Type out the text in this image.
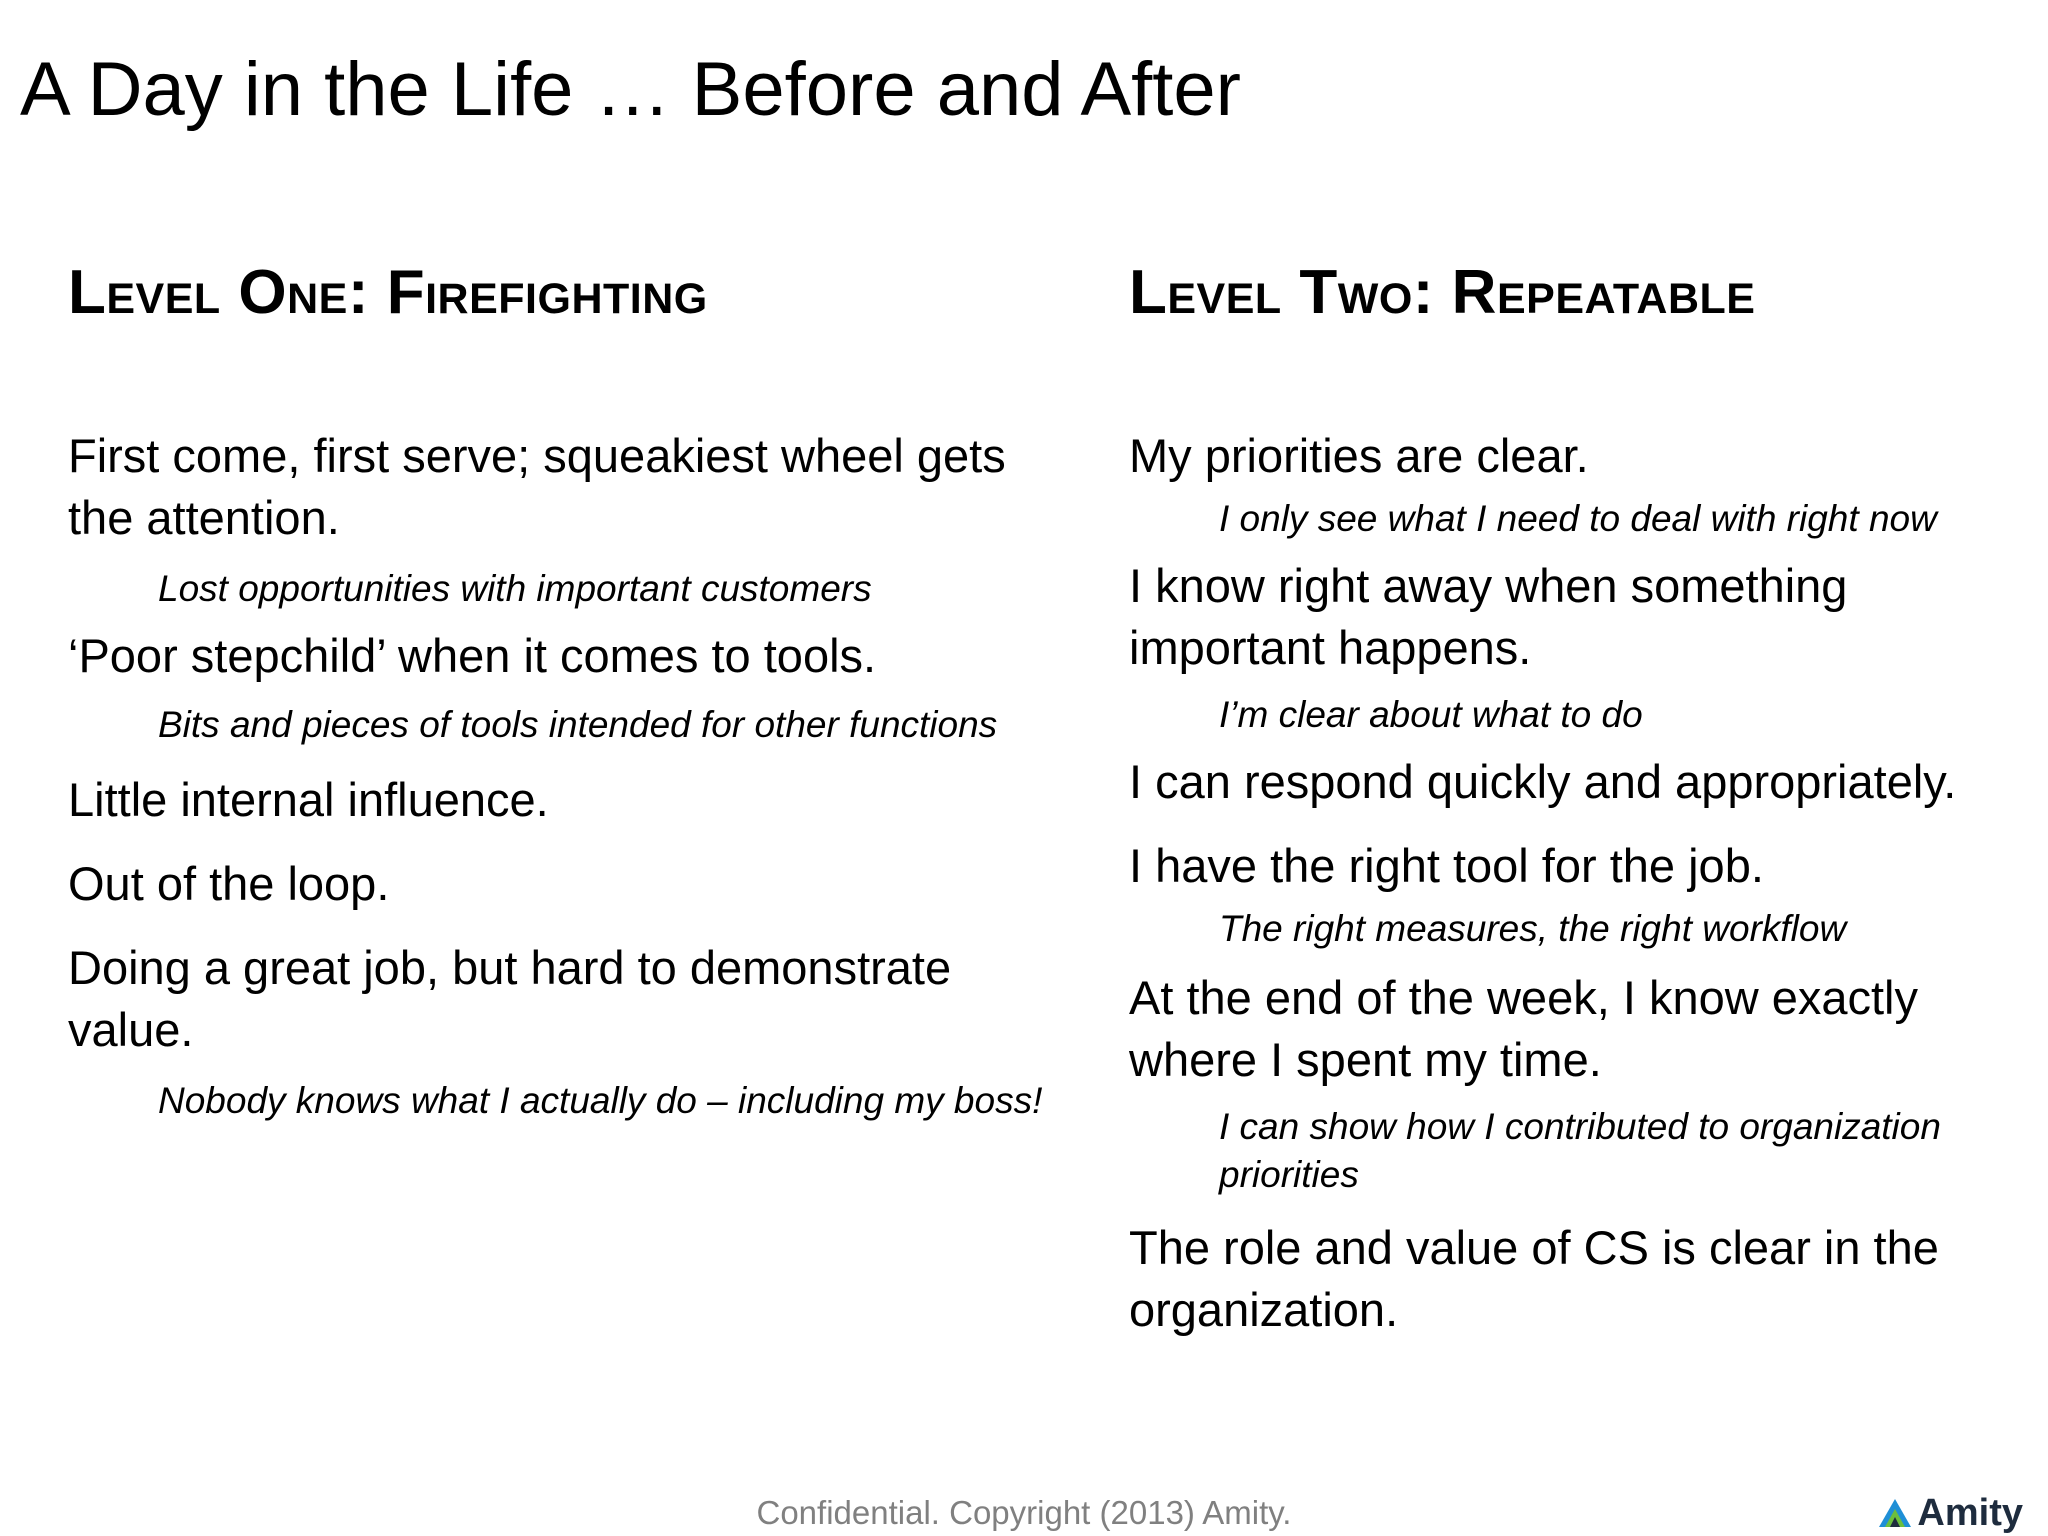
A Day in the Life … Before and After
Level One: Firefighting
First come, first serve; squeakiest wheel gets the attention.
Lost opportunities with important customers
‘Poor stepchild’ when it comes to tools.
Bits and pieces of tools intended for other functions
Little internal influence.
Out of the loop.
Doing a great job, but hard to demonstrate value.
Nobody knows what I actually do – including my boss!
Level Two: Repeatable
My priorities are clear.
I only see what I need to deal with right now
I know right away when something important happens.
I’m clear about what to do
I can respond quickly and appropriately.
I have the right tool for the job.
The right measures, the right workflow
At the end of the week, I know exactly where I spent my time.
I can show how I contributed to organization priorities
The role and value of CS is clear in the organization.
Confidential. Copyright (2013) Amity.	Amity
